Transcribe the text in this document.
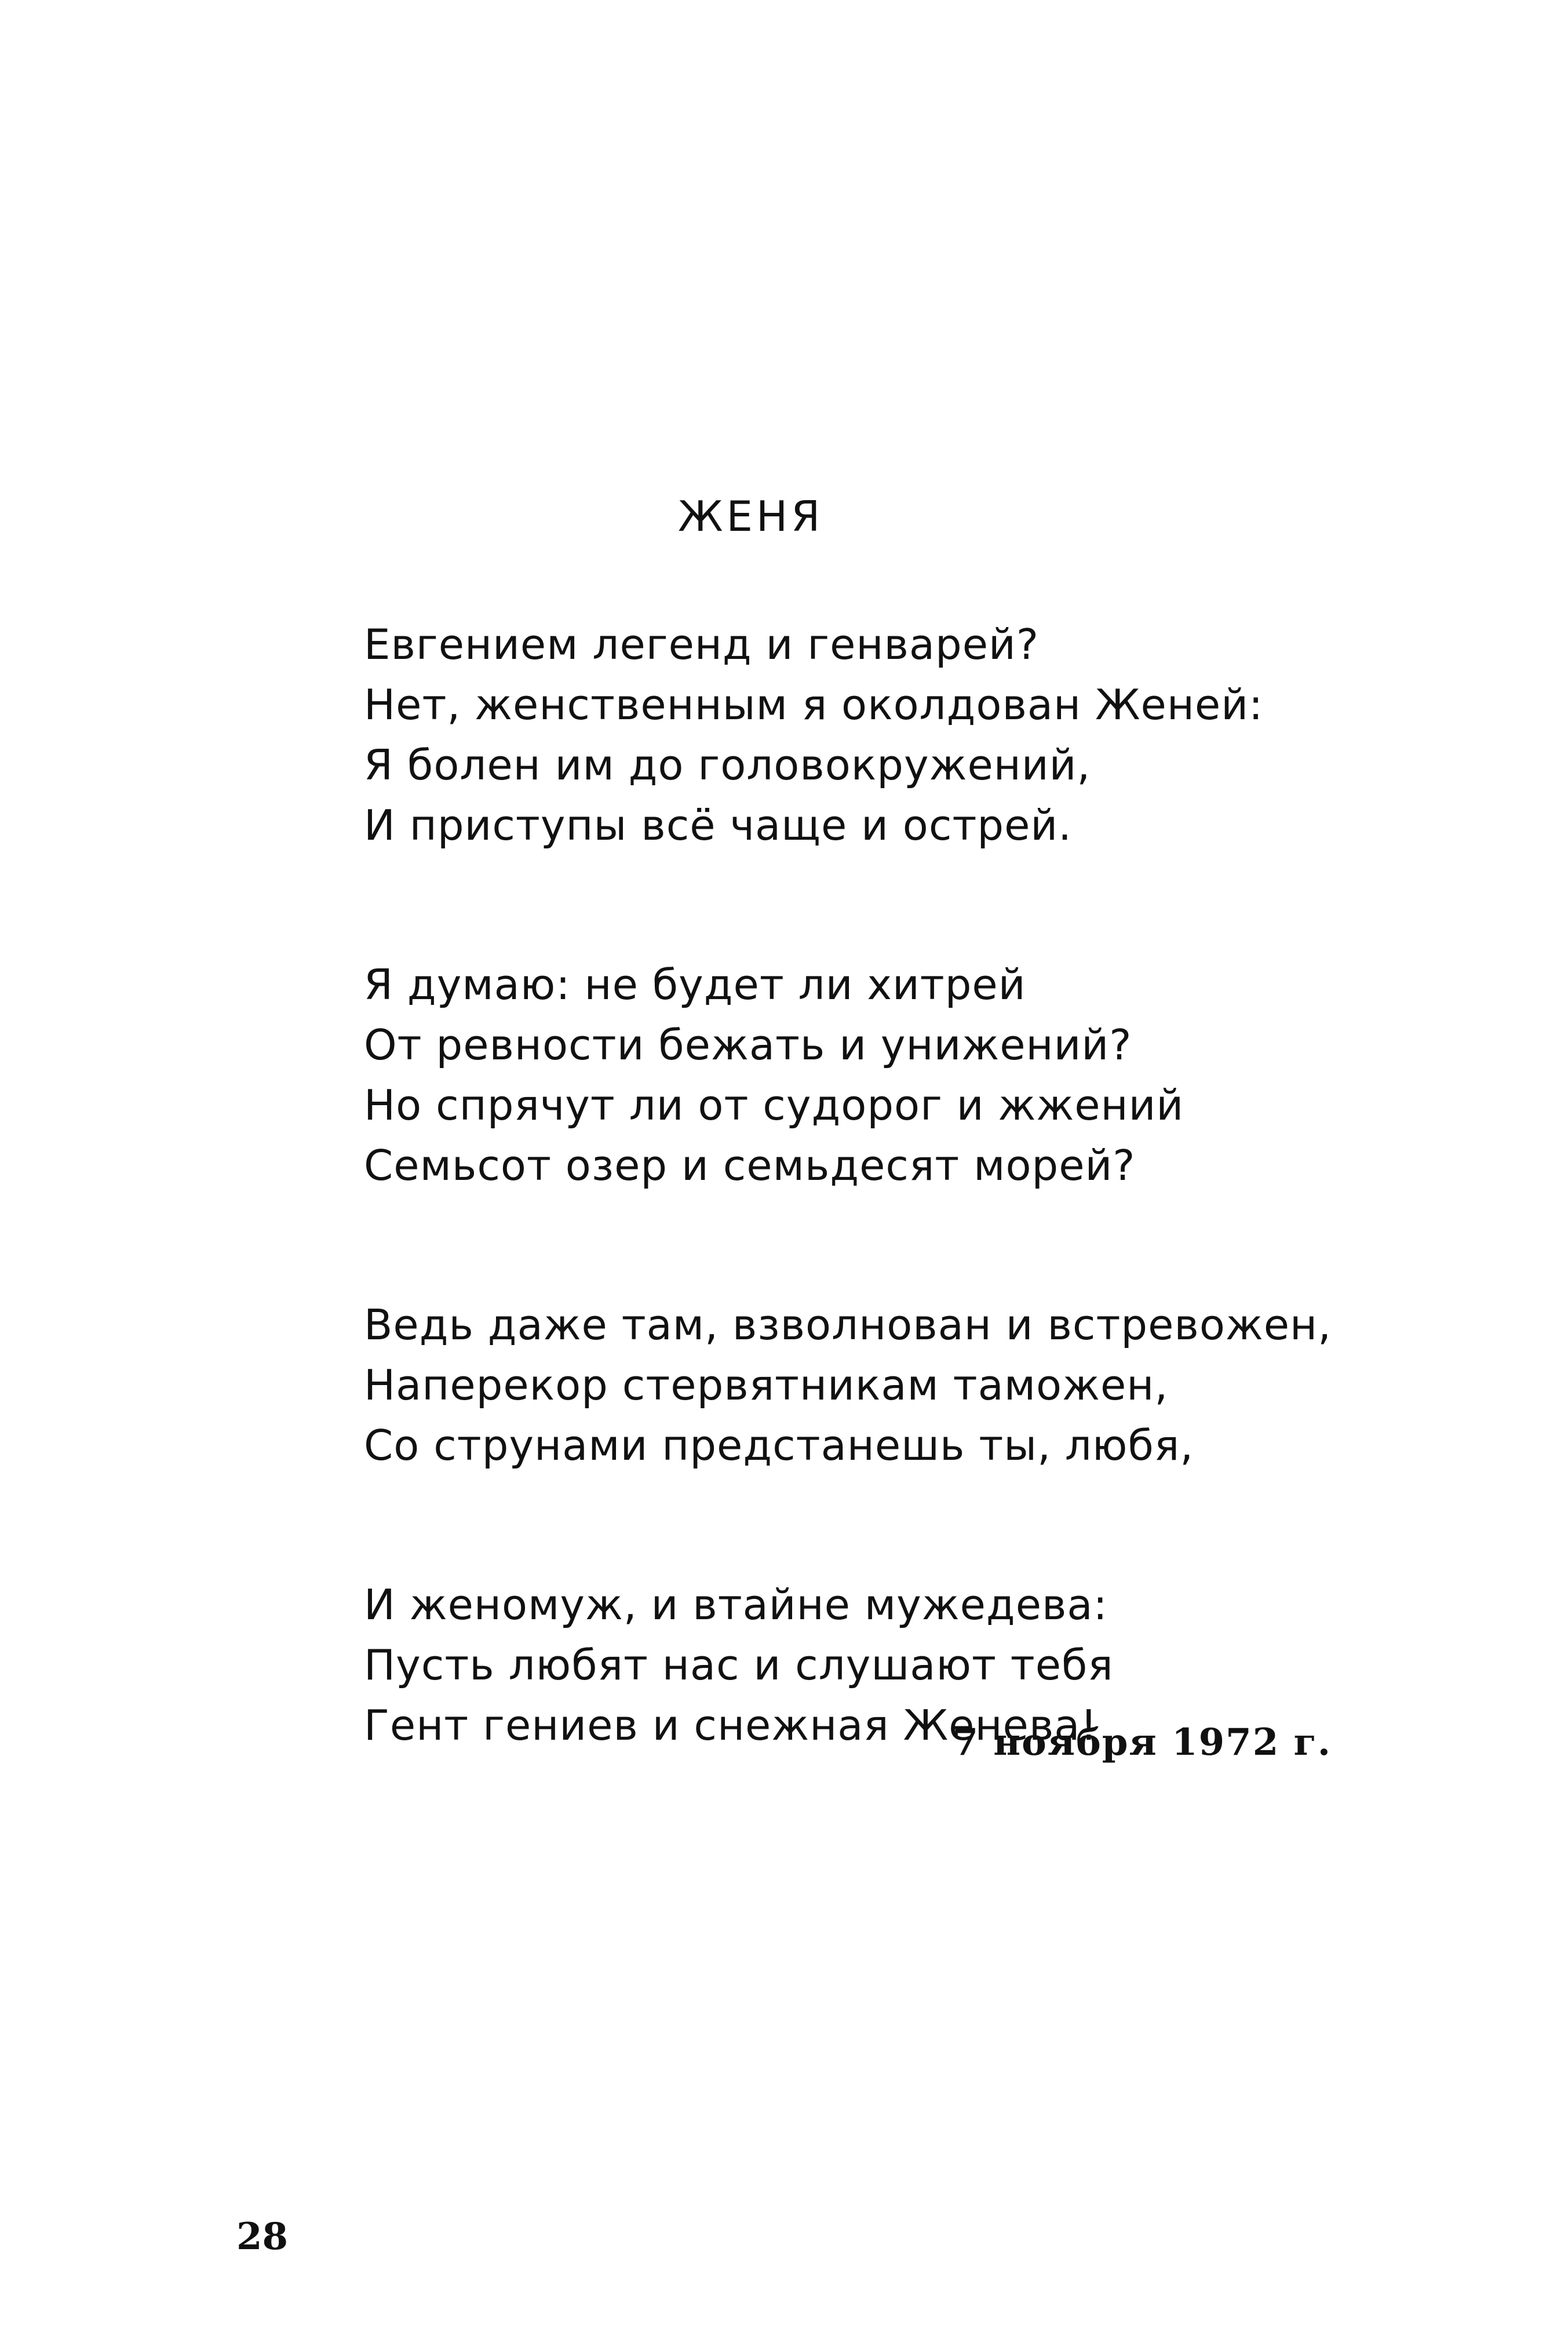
ЖЕНЯ
Евгением легенд и генварей?
Нет, женственным я околдован Женей:
Я болен им до головокружений,
И приступы всё чаще и острей.
Я думаю: не будет ли хитрей
От ревности бежать и унижений?
Но спрячут ли от судорог и жжений
Семьсот озер и семьдесят морей?
Ведь даже там, взволнован и встревожен,
Наперекор стервятникам таможен,
Со струнами предстанешь ты, любя,
И женомуж, и втайне мужедева:
Пусть любят нас и слушают тебя
Гент гениев и снежная Женева!
7 ноября 1972 г.
28
